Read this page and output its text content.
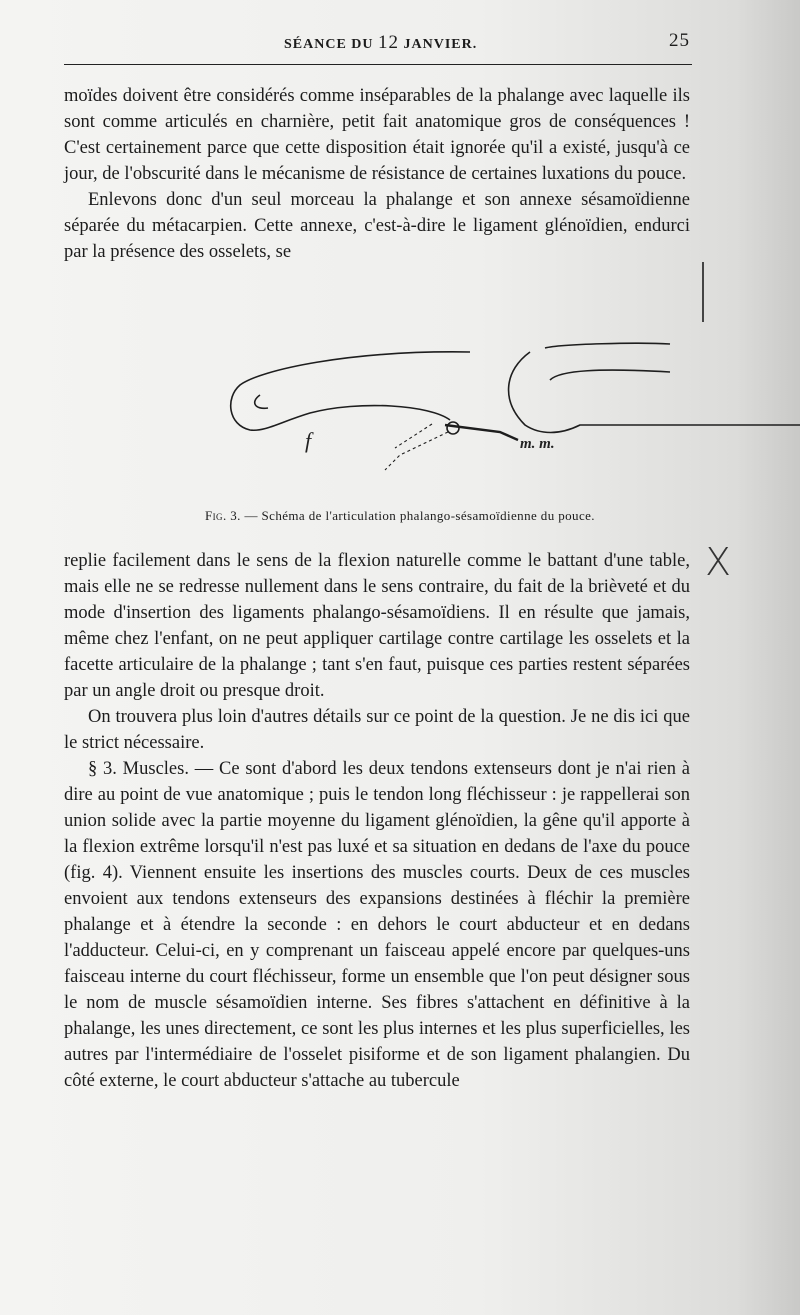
SÉANCE DU 12 JANVIER.	25

moïdes doivent être considérés comme inséparables de la phalange avec laquelle ils sont comme articulés en charnière, petit fait anatomique gros de conséquences ! C'est certainement parce que cette disposition était ignorée qu'il a existé, jusqu'à ce jour, de l'obscurité dans le mécanisme de résistance de certaines luxations du pouce.

Enlevons donc d'un seul morceau la phalange et son annexe sésamoïdienne séparée du métacarpien. Cette annexe, c'est-à-dire le ligament glénoïdien, endurci par la présence des osselets, se

f	m. m.
Fig. 3. — Schéma de l'articulation phalango-sésamoïdienne du pouce.
X

replie facilement dans le sens de la flexion naturelle comme le battant d'une table, mais elle ne se redresse nullement dans le sens contraire, du fait de la brièveté et du mode d'insertion des ligaments phalango-sésamoïdiens. Il en résulte que jamais, même chez l'enfant, on ne peut appliquer cartilage contre cartilage les osselets et la facette articulaire de la phalange ; tant s'en faut, puisque ces parties restent séparées par un angle droit ou presque droit.

On trouvera plus loin d'autres détails sur ce point de la question. Je ne dis ici que le strict nécessaire.

§ 3. Muscles. — Ce sont d'abord les deux tendons extenseurs dont je n'ai rien à dire au point de vue anatomique ; puis le tendon long fléchisseur : je rappellerai son union solide avec la partie moyenne du ligament glénoïdien, la gêne qu'il apporte à la flexion extrême lorsqu'il n'est pas luxé et sa situation en dedans de l'axe du pouce (fig. 4). Viennent ensuite les insertions des muscles courts. Deux de ces muscles envoient aux tendons extenseurs des expansions destinées à fléchir la première phalange et à étendre la seconde : en dehors le court abducteur et en dedans l'adducteur. Celui-ci, en y comprenant un faisceau appelé encore par quelques-uns faisceau interne du court fléchisseur, forme un ensemble que l'on peut désigner sous le nom de muscle sésamoïdien interne. Ses fibres s'attachent en définitive à la phalange, les unes directement, ce sont les plus internes et les plus superficielles, les autres par l'intermédiaire de l'osselet pisiforme et de son ligament phalangien. Du côté externe, le court abducteur s'attache au tubercule
